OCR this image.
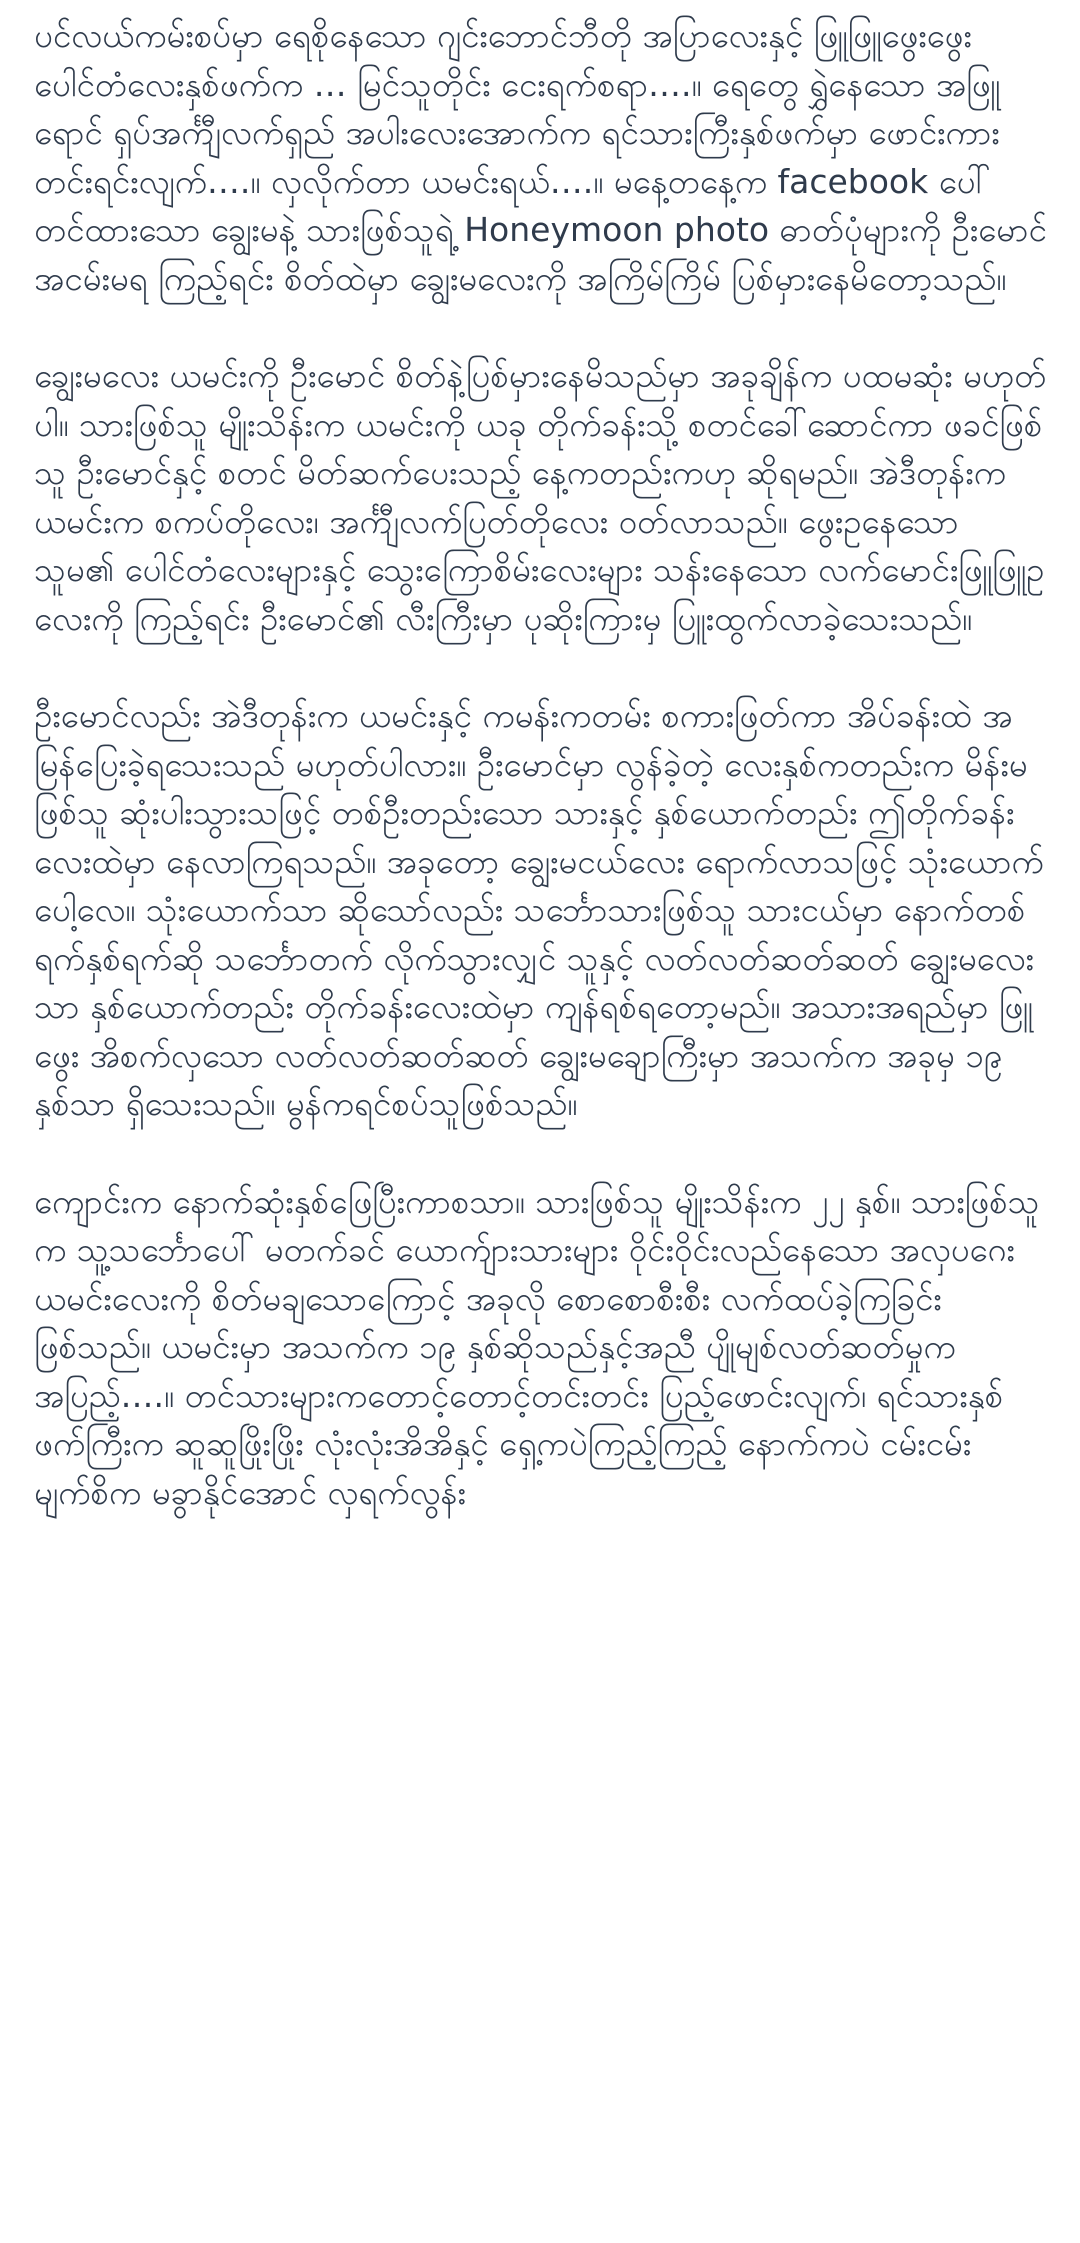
ပင်လယ်ကမ်းစပ်မှာ ရေစိုနေသော ဂျင်းဘောင်ဘီတို အပြာလေးနှင့် ဖြူဖြူဖွေးဖွေး ပေါင်တံလေးနှစ်ဖက်က … မြင်သူတိုင်း ငေးရက်စရာ….။ ရေတွေ ရွှဲနေသော အဖြူရောင် ရှပ်အင်္ကျီလက်ရှည် အပါးလေးအောက်က ရင်သားကြီးနှစ်ဖက်မှာ ဖောင်းကား တင်းရင်းလျက်….။ လှလိုက်တာ ယမင်းရယ်….။ မနေ့တနေ့က facebook ပေါ် တင်ထားသော ချွေးမနဲ့ သားဖြစ်သူရဲ့ Honeymoon photo ဓာတ်ပုံများကို ဦးမောင် အငမ်းမရ ကြည့်ရင်း စိတ်ထဲမှာ ချွေးမလေးကို အကြိမ်ကြိမ် ပြစ်မှားနေမိတော့သည်။

ချွေးမလေး ယမင်းကို ဦးမောင် စိတ်နဲ့ပြစ်မှားနေမိသည်မှာ အခုချိန်က ပထမဆုံး မဟုတ်ပါ။ သားဖြစ်သူ မျိုးသိန်းက ယမင်းကို ယခု တိုက်ခန်းသို့ စတင်ခေါ်ဆောင်ကာ ဖခင်ဖြစ်သူ ဦးမောင်နှင့် စတင် မိတ်ဆက်ပေးသည့် နေ့ကတည်းကဟု ဆိုရမည်။ အဲဒီတုန်းက ယမင်းက စကပ်တိုလေး၊ အင်္ကျီလက်ပြတ်တိုလေး ဝတ်လာသည်။ ဖွေးဥနေသော သူမ၏ ပေါင်တံလေးများနှင့် သွေးကြောစိမ်းလေးများ သန်းနေသော လက်မောင်းဖြူဖြူဥလေးကို ကြည့်ရင်း ဦးမောင်၏ လီးကြီးမှာ ပုဆိုးကြားမှ ပြူးထွက်လာခဲ့သေးသည်။

ဦးမောင်လည်း အဲဒီတုန်းက ယမင်းနှင့် ကမန်းကတမ်း စကားဖြတ်ကာ အိပ်ခန်းထဲ အမြန်ပြေးခဲ့ရသေးသည် မဟုတ်ပါလား။ ဦးမောင်မှာ လွန်ခဲ့တဲ့ လေးနှစ်ကတည်းက မိန်းမဖြစ်သူ ဆုံးပါးသွားသဖြင့် တစ်ဦးတည်းသော သားနှင့် နှစ်ယောက်တည်း ဤတိုက်ခန်းလေးထဲမှာ နေလာကြရသည်။ အခုတော့ ချွေးမငယ်လေး ရောက်လာသဖြင့် သုံးယောက်ပေါ့လေ။ သုံးယောက်သာ ဆိုသော်လည်း သင်္ဘောသားဖြစ်သူ သားငယ်မှာ နောက်တစ်ရက်နှစ်ရက်ဆို သင်္ဘောတက် လိုက်သွားလျှင် သူနှင့် လတ်လတ်ဆတ်ဆတ် ချွေးမလေးသာ နှစ်ယောက်တည်း တိုက်ခန်းလေးထဲမှာ ကျန်ရစ်ရတော့မည်။ အသားအရည်မှာ ဖြူဖွေး အိစက်လှသော လတ်လတ်ဆတ်ဆတ် ချွေးမချောကြီးမှာ အသက်က အခုမှ ၁၉ နှစ်သာ ရှိသေးသည်။ မွန်ကရင်စပ်သူဖြစ်သည်။

ကျောင်းက နောက်ဆုံးနှစ်ဖြေပြီးကာစသာ။ သားဖြစ်သူ မျိုးသိန်းက ၂၂ နှစ်။ သားဖြစ်သူက သူ့သင်္ဘောပေါ် မတက်ခင် ယောက်ျားသားများ ဝိုင်းဝိုင်းလည်နေသော အလှပဂေး ယမင်းလေးကို စိတ်မချသောကြောင့် အခုလို စောစောစီးစီး လက်ထပ်ခဲ့ကြခြင်းဖြစ်သည်။ ယမင်းမှာ အသက်က ၁၉ နှစ်ဆိုသည်နှင့်အညီ ပျိုမျစ်လတ်ဆတ်မှုက အပြည့်….။ တင်သားများကတောင့်တောင့်တင်းတင်း ပြည့်ဖောင်းလျက်၊ ရင်သားနှစ်ဖက်ကြီးက ဆူဆူဖြိုးဖြိုး လုံးလုံးအိအိနှင့် ရှေ့ကပဲကြည့်ကြည့် နောက်ကပဲ ငမ်းငမ်း မျက်စိက မခွာနိုင်အောင် လှရက်လွန်း
